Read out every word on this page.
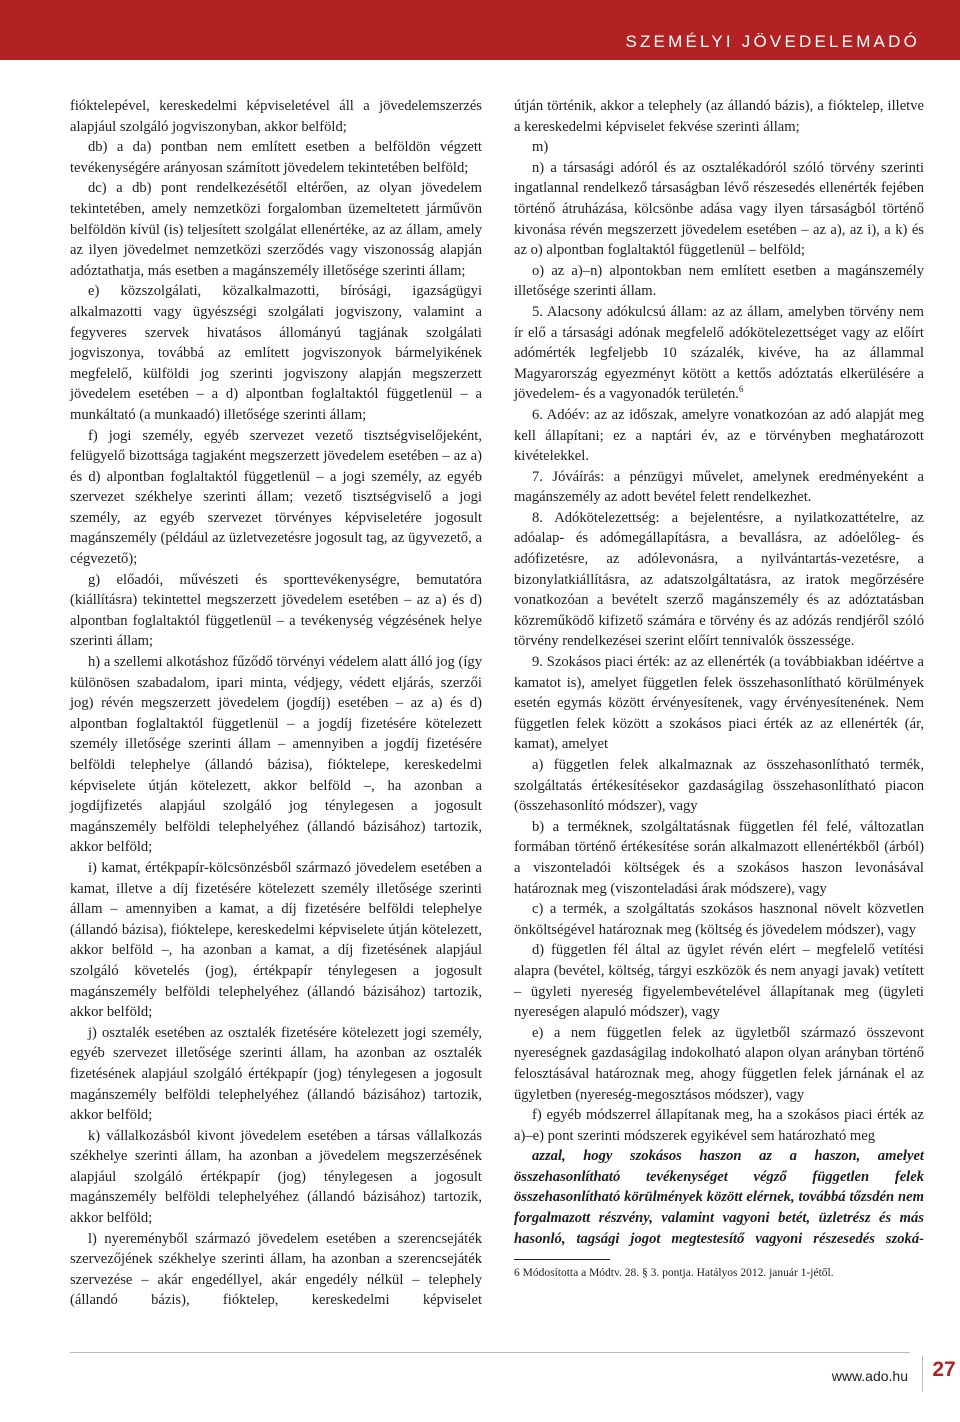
SZEMÉLYI JÖVEDELEMADÓ

fióktelepével, kereskedelmi képviseletével áll a jövedelemszerzés alapjául szolgáló jogviszonyban, akkor belföld;

db) a da) pontban nem említett esetben a belföldön végzett tevékenységére arányosan számított jövedelem tekintetében belföld;

dc) a db) pont rendelkezésétől eltérően, az olyan jövedelem tekintetében, amely nemzetközi forgalomban üzemeltetett járművön belföldön kívül (is) teljesített szolgálat ellenértéke, az az állam, amely az ilyen jövedelmet nemzetközi szerződés vagy viszonosság alapján adóztathatja, más esetben a magánszemély illetősége szerinti állam;

e) közszolgálati, közalkalmazotti, bírósági, igazságügyi alkalmazotti vagy ügyészségi szolgálati jogviszony, valamint a fegyveres szervek hivatásos állományú tagjának szolgálati jogviszonya, továbbá az említett jogviszonyok bármelyikének megfelelő, külföldi jog szerinti jogviszony alapján megszerzett jövedelem esetében – a d) alpontban foglaltaktól függetlenül – a munkáltató (a munkaadó) illetősége szerinti állam;

f) jogi személy, egyéb szervezet vezető tisztségviselőjeként, felügyelő bizottsága tagjaként megszerzett jövedelem esetében – az a) és d) alpontban foglaltaktól függetlenül – a jogi személy, az egyéb szervezet székhelye szerinti állam; vezető tisztségviselő a jogi személy, az egyéb szervezet törvényes képviseletére jogosult magánszemély (például az üzletvezetésre jogosult tag, az ügyvezető, a cégvezető);

g) előadói, művészeti és sporttevékenységre, bemutatóra (kiállításra) tekintettel megszerzett jövedelem esetében – az a) és d) alpontban foglaltaktól függetlenül – a tevékenység végzésének helye szerinti állam;

h) a szellemi alkotáshoz fűződő törvényi védelem alatt álló jog (így különösen szabadalom, ipari minta, védjegy, védett eljárás, szerzői jog) révén megszerzett jövedelem (jogdíj) esetében – az a) és d) alpontban foglaltaktól függetlenül – a jogdíj fizetésére kötelezett személy illetősége szerinti állam – amennyiben a jogdíj fizetésére belföldi telephelye (állandó bázisa), fióktelepe, kereskedelmi képviselete útján kötelezett, akkor belföld –, ha azonban a jogdíjfizetés alapjául szolgáló jog ténylegesen a jogosult magánszemély belföldi telephelyéhez (állandó bázisához) tartozik, akkor belföld;

i) kamat, értékpapír-kölcsönzésből származó jövedelem esetében a kamat, illetve a díj fizetésére kötelezett személy illetősége szerinti állam – amennyiben a kamat, a díj fizetésére belföldi telephelye (állandó bázisa), fióktelepe, kereskedelmi képviselete útján kötelezett, akkor belföld –, ha azonban a kamat, a díj fizetésének alapjául szolgáló követelés (jog), értékpapír ténylegesen a jogosult magánszemély belföldi telephelyéhez (állandó bázisához) tartozik, akkor belföld;

j) osztalék esetében az osztalék fizetésére kötelezett jogi személy, egyéb szervezet illetősége szerinti állam, ha azonban az osztalék fizetésének alapjául szolgáló értékpapír (jog) ténylegesen a jogosult magánszemély belföldi telephelyéhez (állandó bázisához) tartozik, akkor belföld;

k) vállalkozásból kivont jövedelem esetében a társas vállalkozás székhelye szerinti állam, ha azonban a jövedelem megszerzésének alapjául szolgáló értékpapír (jog) ténylegesen a jogosult magánszemély belföldi telephelyéhez (állandó bázisához) tartozik, akkor belföld;

l) nyereményből származó jövedelem esetében a szerencsejáték szervezőjének székhelye szerinti állam, ha azonban a szerencsejáték szervezése – akár engedéllyel, akár engedély nélkül – telephely (állandó bázis), fióktelep, kereskedelmi képviselet

útján történik, akkor a telephely (az állandó bázis), a fióktelep, illetve a kereskedelmi képviselet fekvése szerinti állam;

m)

n) a társasági adóról és az osztalékadóról szóló törvény szerinti ingatlannal rendelkező társaságban lévő részesedés ellenérték fejében történő átruházása, kölcsönbe adása vagy ilyen társaságból történő kivonása révén megszerzett jövedelem esetében – az a), az i), a k) és az o) alpontban foglaltaktól függetlenül – belföld;

o) az a)–n) alpontokban nem említett esetben a magánszemély illetősége szerinti állam.

5. Alacsony adókulcsú állam: az az állam, amelyben törvény nem ír elő a társasági adónak megfelelő adókötelezettséget vagy az előírt adómérték legfeljebb 10 százalék, kivéve, ha az állammal Magyarország egyezményt kötött a kettős adóztatás elkerülésére a jövedelem- és a vagyonadók területén.$^6$

6. Adóév: az az időszak, amelyre vonatkozóan az adó alapját meg kell állapítani; ez a naptári év, az e törvényben meghatározott kivételekkel.

7. Jóváírás: a pénzügyi művelet, amelynek eredményeként a magánszemély az adott bevétel felett rendelkezhet.

8. Adókötelezettség: a bejelentésre, a nyilatkozattételre, az adóalap- és adómegállapításra, a bevallásra, az adóelőleg- és adófizetésre, az adólevonásra, a nyilvántartás-vezetésre, a bizonylatkiállításra, az adatszolgáltatásra, az iratok megőrzésére vonatkozóan a bevételt szerző magánszemély és az adóztatásban közreműködő kifizető számára e törvény és az adózás rendjéről szóló törvény rendelkezései szerint előírt tennivalók összessége.

9. Szokásos piaci érték: az az ellenérték (a továbbiakban idéértve a kamatot is), amelyet független felek összehasonlítható körülmények esetén egymás között érvényesítenek, vagy érvényesítenének. Nem független felek között a szokásos piaci érték az az ellenérték (ár, kamat), amelyet

a) független felek alkalmaznak az összehasonlítható termék, szolgáltatás értékesítésekor gazdaságilag összehasonlítható piacon (összehasonlító módszer), vagy

b) a terméknek, szolgáltatásnak független fél felé, változatlan formában történő értékesítése során alkalmazott ellenértékből (árból) a viszonteladói költségek és a szokásos haszon levonásával határoznak meg (viszonteladási árak módszere), vagy

c) a termék, a szolgáltatás szokásos hasznonal növelt közvetlen önköltségével határoznak meg (költség és jövedelem módszer), vagy

d) független fél által az ügylet révén elért – megfelelő vetítési alapra (bevétel, költség, tárgyi eszközök és nem anyagi javak) vetített – ügyleti nyereség figyelembevételével állapítanak meg (ügyleti nyereségen alapuló módszer), vagy

e) a nem független felek az ügyletből származó összevont nyereségnek gazdaságilag indokolható alapon olyan arányban történő felosztásával határoznak meg, ahogy független felek járnának el az ügyletben (nyereség-megosztásos módszer), vagy

f) egyéb módszerrel állapítanak meg, ha a szokásos piaci érték az a)–e) pont szerinti módszerek egyikével sem határozható meg

azzal, hogy szokásos haszon az a haszon, amelyet összehasonlítható tevékenységet végző független felek összehasonlítható körülmények között elérnek, továbbá tőzsdén nem forgalmazott részvény, valamint vagyoni betét, üzletrész és más hasonló, tagsági jogot megtestesítő vagyoni részesedés szoká-

6 Módosította a Módtv. 28. § 3. pontja. Hatályos 2012. január 1-jétől.

www.ado.hu 27
